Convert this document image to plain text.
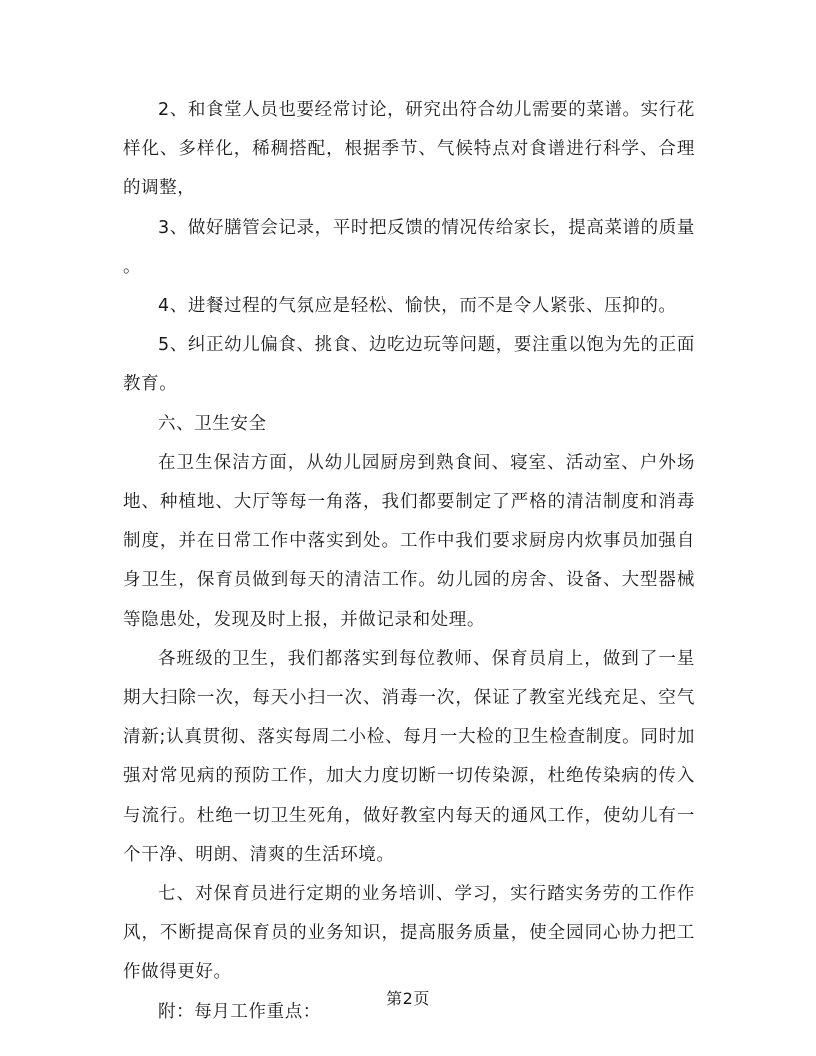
2、和食堂人员也要经常讨论，研究出符合幼儿需要的菜谱。实行花样化、多样化，稀稠搭配，根据季节、气候特点对食谱进行科学、合理的调整，

3、做好膳管会记录，平时把反馈的情况传给家长，提高菜谱的质量。

4、进餐过程的气氛应是轻松、愉快，而不是令人紧张、压抑的。

5、纠正幼儿偏食、挑食、边吃边玩等问题，要注重以饱为先的正面教育。

六、卫生安全

在卫生保洁方面，从幼儿园厨房到熟食间、寝室、活动室、户外场地、种植地、大厅等每一角落，我们都要制定了严格的清洁制度和消毒制度，并在日常工作中落实到处。工作中我们要求厨房内炊事员加强自身卫生，保育员做到每天的清洁工作。幼儿园的房舍、设备、大型器械等隐患处，发现及时上报，并做记录和处理。

各班级的卫生，我们都落实到每位教师、保育员肩上，做到了一星期大扫除一次，每天小扫一次、消毒一次，保证了教室光线充足、空气清新;认真贯彻、落实每周二小检、每月一大检的卫生检查制度。同时加强对常见病的预防工作，加大力度切断一切传染源，杜绝传染病的传入与流行。杜绝一切卫生死角，做好教室内每天的通风工作，使幼儿有一个干净、明朗、清爽的生活环境。

七、对保育员进行定期的业务培训、学习，实行踏实务劳的工作作风，不断提高保育员的业务知识，提高服务质量，使全园同心协力把工作做得更好。

附：每月工作重点：

第2页
